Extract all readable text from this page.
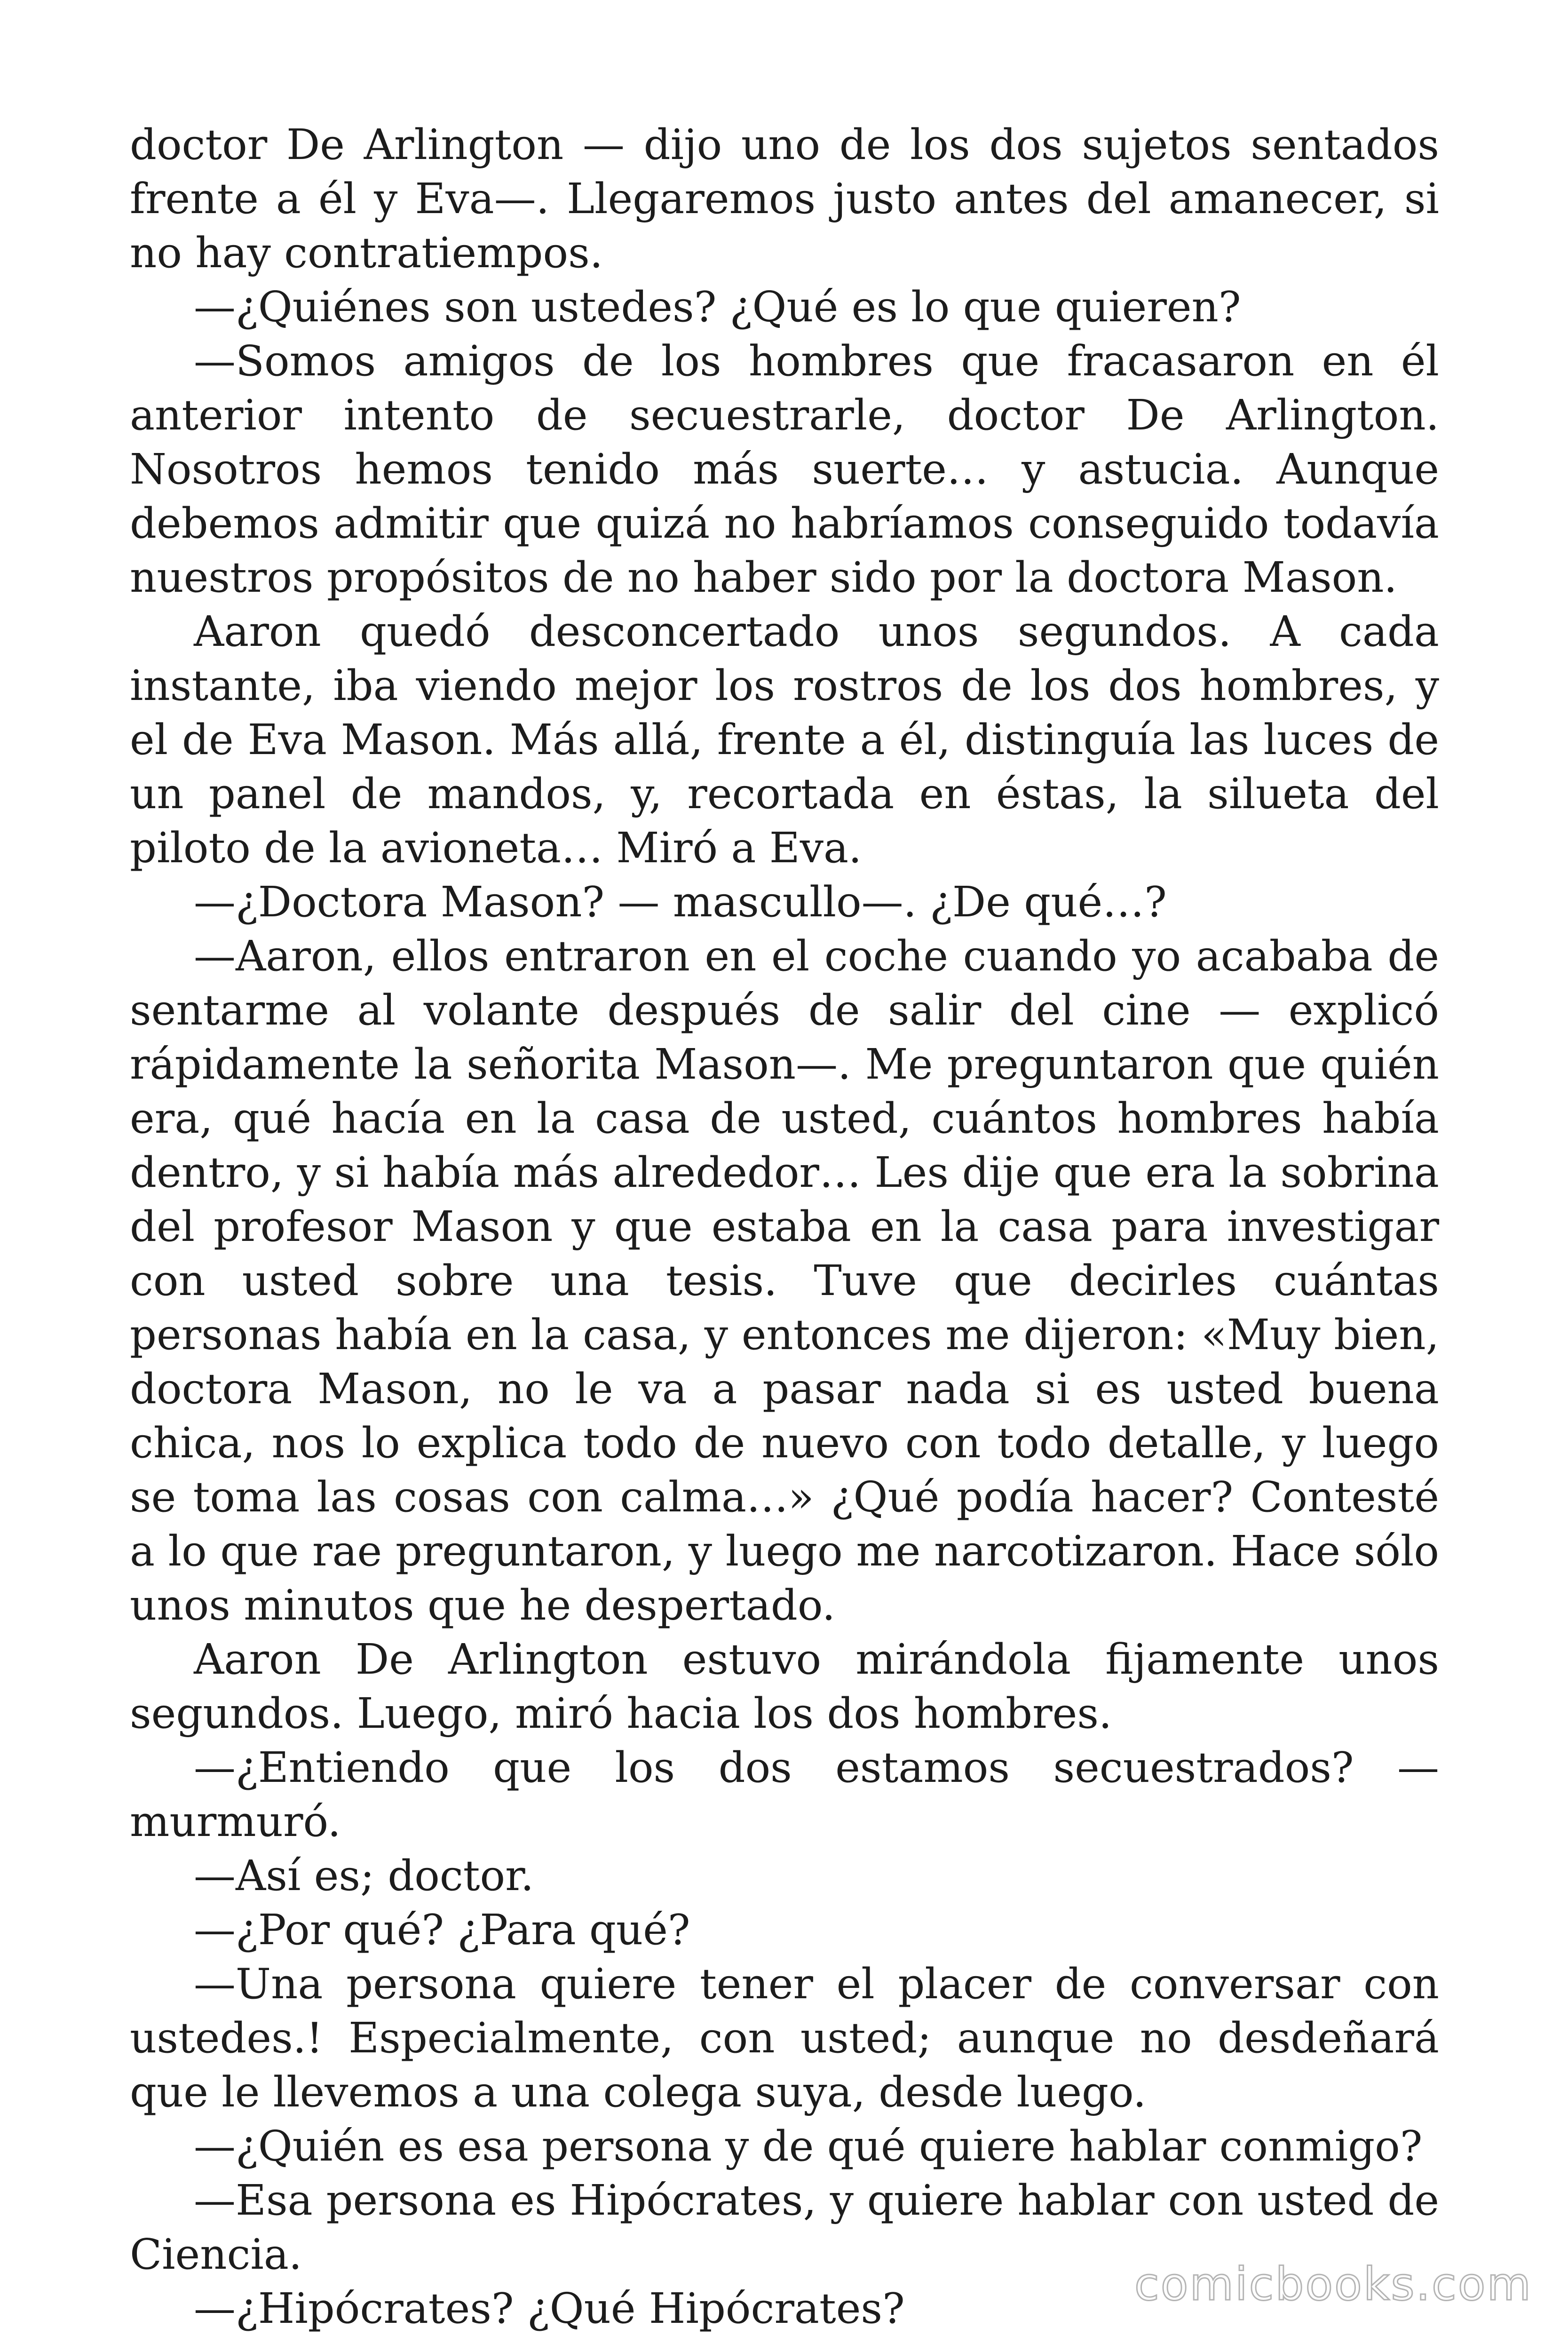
doctor De Arlington — dijo uno de los dos sujetos sentados frente a él y Eva—. Llegaremos justo antes del amanecer, si no hay contratiempos.

—¿Quiénes son ustedes? ¿Qué es lo que quieren?

—Somos amigos de los hombres que fracasaron en él anterior intento de secuestrarle, doctor De Arlington. Nosotros hemos tenido más suerte… y astucia. Aunque debemos admitir que quizá no habríamos conseguido todavía nuestros propósitos de no haber sido por la doctora Mason.

Aaron quedó desconcertado unos segundos. A cada instante, iba viendo mejor los rostros de los dos hombres, y el de Eva Mason. Más allá, frente a él, distinguía las luces de un panel de mandos, y, recortada en éstas, la silueta del piloto de la avioneta… Miró a Eva.

—¿Doctora Mason? — mascullo—. ¿De qué…?

—Aaron, ellos entraron en el coche cuando yo acababa de sentarme al volante después de salir del cine — explicó rápidamente la señorita Mason—. Me preguntaron que quién era, qué hacía en la casa de usted, cuántos hombres había dentro, y si había más alrededor… Les dije que era la sobrina del profesor Mason y que estaba en la casa para investigar con usted sobre una tesis. Tuve que decirles cuántas personas había en la casa, y entonces me dijeron: «Muy bien, doctora Mason, no le va a pasar nada si es usted buena chica, nos lo explica todo de nuevo con todo detalle, y luego se toma las cosas con calma…» ¿Qué podía hacer? Contesté a lo que rae preguntaron, y luego me narcotizaron. Hace sólo unos minutos que he despertado.

Aaron De Arlington estuvo mirándola fijamente unos segundos. Luego, miró hacia los dos hombres.

—¿Entiendo que los dos estamos secuestrados? — murmuró.

—Así es; doctor.

—¿Por qué? ¿Para qué?

—Una persona quiere tener el placer de conversar con ustedes.! Especialmente, con usted; aunque no desdeñará que le llevemos a una colega suya, desde luego.

—¿Quién es esa persona y de qué quiere hablar conmigo?

—Esa persona es Hipócrates, y quiere hablar con usted de Ciencia.

—¿Hipócrates? ¿Qué Hipócrates?	comicbooks.com
